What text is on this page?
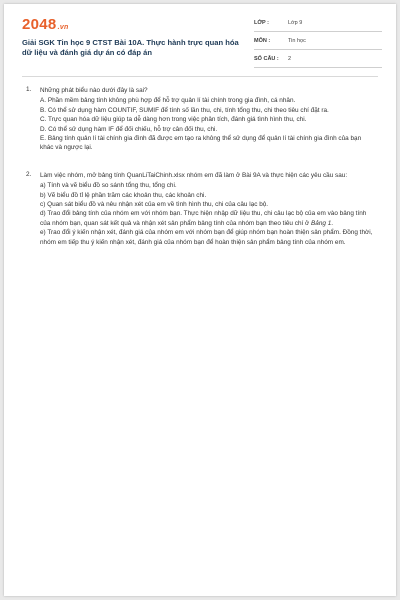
2048.vn
Giải SGK Tin học 9 CTST Bài 10A. Thực hành trực quan hóa dữ liệu và đánh giá dự án có đáp án
LỚP :	Lớp 9
MÔN :	Tin học
SỐ CÂU : 2
1. Những phát biểu nào dưới đây là sai?

A. Phần mềm bảng tính không phù hợp để hỗ trợ quản lí tài chính trong gia đình, cá nhân.

B. Có thể sử dụng hàm COUNTIF, SUMIF để tính số lần thu, chi, tính tổng thu, chi theo tiêu chí đặt ra.

C. Trực quan hóa dữ liệu giúp ta dễ dàng hơn trong việc phân tích, đánh giá tình hình thu, chi.

D. Có thể sử dụng hàm IF để đối chiếu, hỗ trợ cân đối thu, chi.

E. Bảng tính quản lí tài chính gia đình đã được em tạo ra không thể sử dụng để quản lí tài chính gia đình của bạn khác và ngược lại.

2. Làm việc nhóm, mở bảng tính QuanLiTaiChinh.xlsx nhóm em đã làm ở Bài 9A và thực hiện các yêu cầu sau:

a) Tính và vẽ biểu đồ so sánh tổng thu, tổng chi.

b) Vẽ biểu đồ tỉ lệ phần trăm các khoản thu, các khoản chi.

c) Quan sát biểu đồ và nêu nhận xét của em về tình hình thu, chi của câu lạc bộ.

d) Trao đổi bảng tính của nhóm em với nhóm bạn. Thực hiện nhập dữ liệu thu, chi câu lạc bộ của em vào bảng tính của nhóm bạn, quan sát kết quả và nhận xét sản phẩm bảng tính của nhóm bạn theo tiêu chí ở Bảng 1.

e) Trao đổi ý kiến nhận xét, đánh giá của nhóm em với nhóm bạn để giúp nhóm bạn hoàn thiện sản phẩm. Đồng thời, nhóm em tiếp thu ý kiến nhận xét, đánh giá của nhóm bạn để hoàn thiện sản phẩm bảng tính của nhóm em.
